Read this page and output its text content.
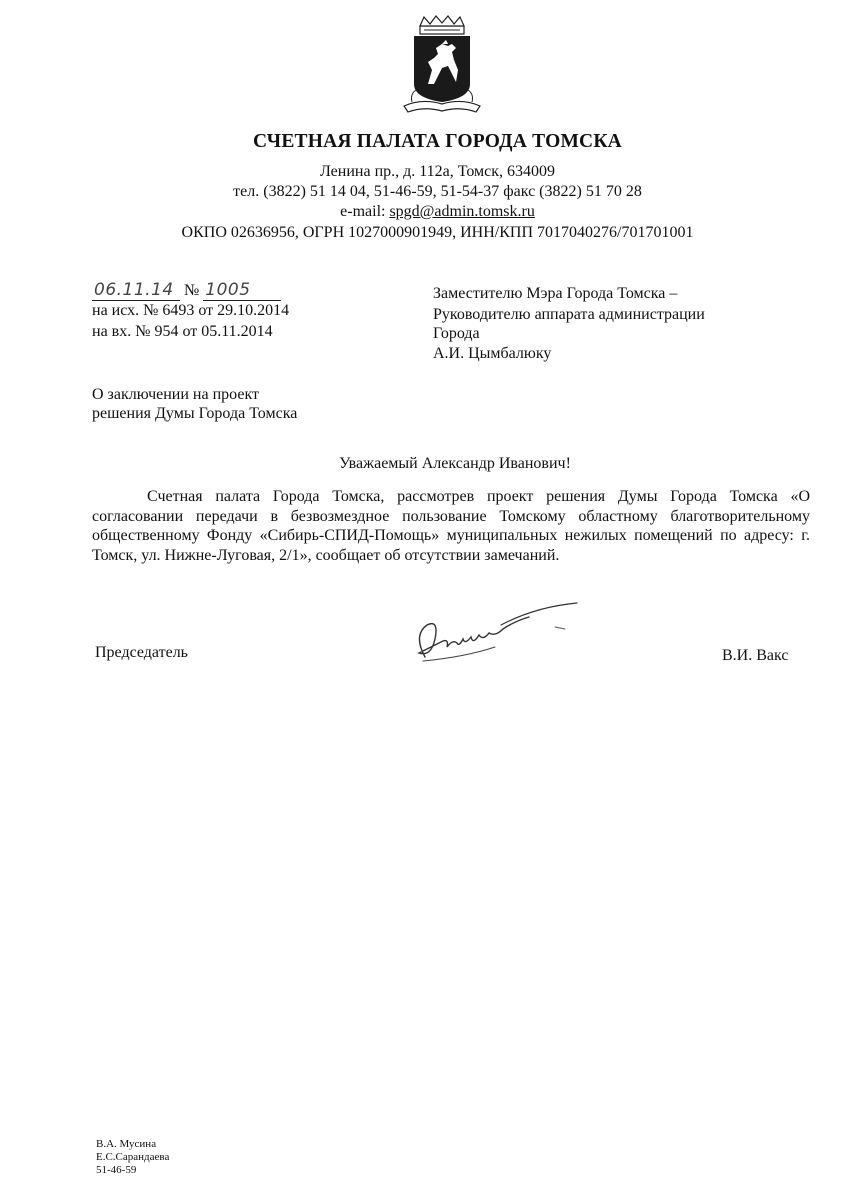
СЧЕТНАЯ ПАЛАТА ГОРОДА ТОМСКА
Ленина пр., д. 112а, Томск, 634009
тел. (3822) 51 14 04, 51-46-59, 51-54-37 факс (3822) 51 70 28
e-mail: spgd@admin.tomsk.ru
ОКПО 02636956, ОГРН 1027000901949, ИНН/КПП 7017040276/701701001
06.11.14 № 1005
на исх. № 6493 от 29.10.2014
на вх. № 954 от 05.11.2014
Заместителю Мэра Города Томска –
Руководителю аппарата администрации
Города
А.И. Цымбалюку
О заключении на проект
решения Думы Города Томска
Уважаемый Александр Иванович!
Счетная палата Города Томска, рассмотрев проект решения Думы Города Томска «О согласовании передачи в безвозмездное пользование Томскому областному благотворительному общественному Фонду «Сибирь-СПИД-Помощь» муниципальных нежилых помещений по адресу: г. Томск, ул. Нижне-Луговая, 2/1», сообщает об отсутствии замечаний.
Председатель	В.И. Вакс
В.А. Мусина
Е.С.Сарандаева
51-46-59
